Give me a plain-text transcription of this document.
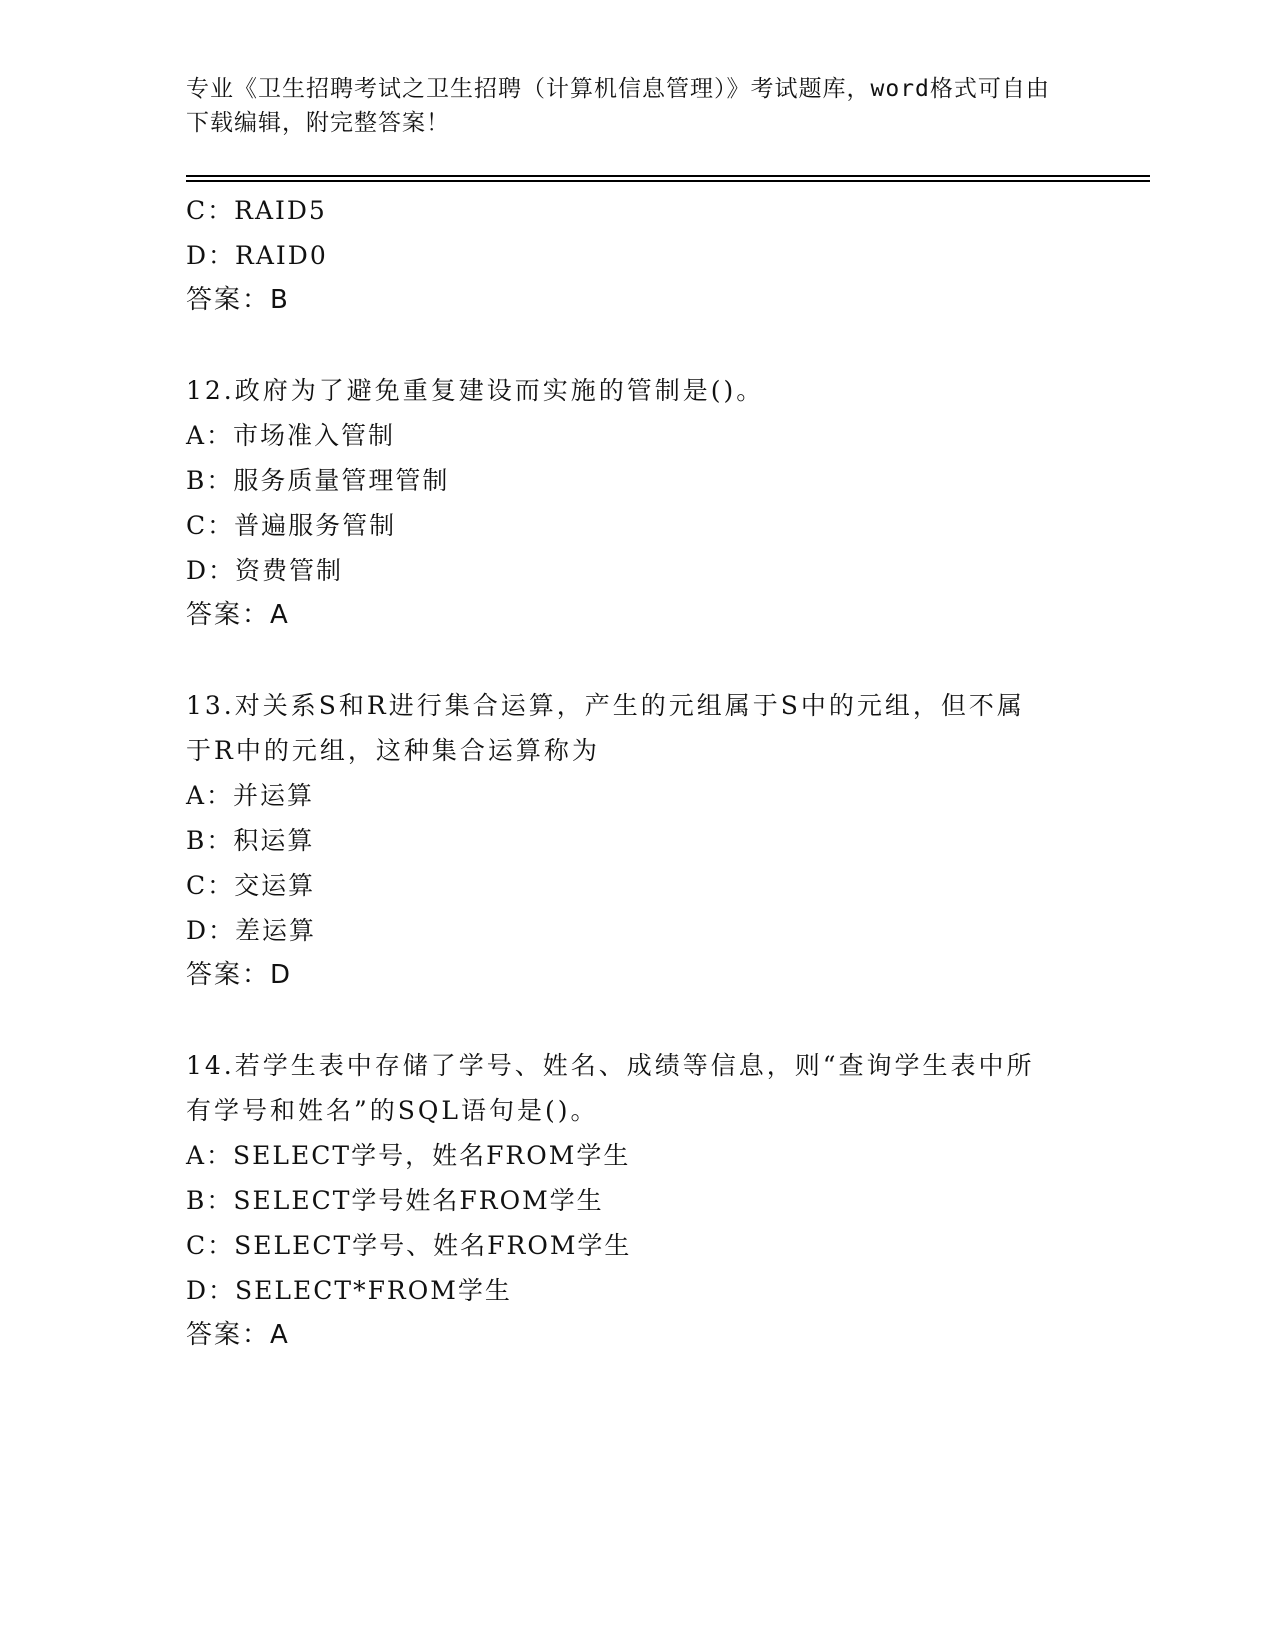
专业《卫生招聘考试之卫生招聘（计算机信息管理）》考试题库，word格式可自由下载编辑，附完整答案！
C：RAID5
D：RAID0
答案：B
12.政府为了避免重复建设而实施的管制是()。
A：市场准入管制
B：服务质量管理管制
C：普遍服务管制
D：资费管制
答案：A
13.对关系S和R进行集合运算，产生的元组属于S中的元组，但不属
于R中的元组，这种集合运算称为
A：并运算
B：积运算
C：交运算
D：差运算
答案：D
14.若学生表中存储了学号、姓名、成绩等信息，则“查询学生表中所
有学号和姓名”的SQL语句是()。
A：SELECT学号，姓名FROM学生
B：SELECT学号姓名FROM学生
C：SELECT学号、姓名FROM学生
D：SELECT*FROM学生
答案：A
